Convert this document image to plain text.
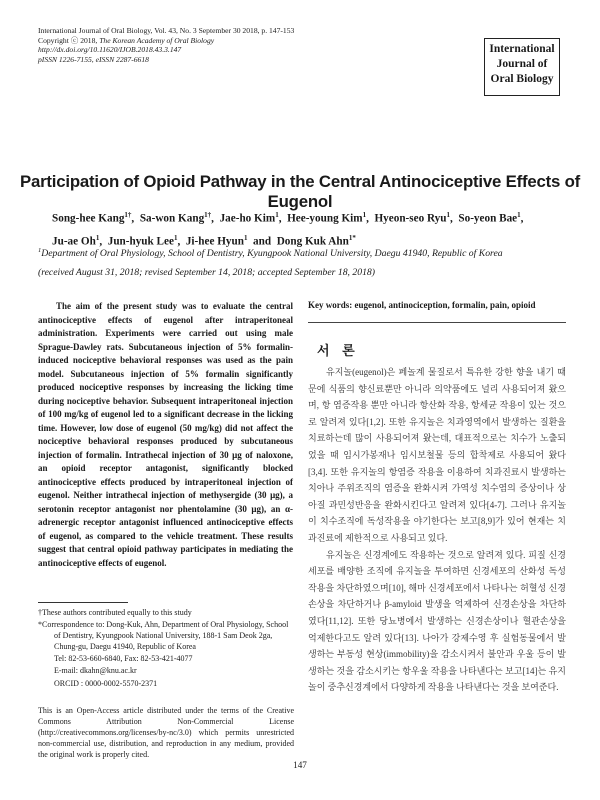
International Journal of Oral Biology, Vol. 43, No. 3 September 30 2018, p. 147-153
Copyright ⓒ 2018, The Korean Academy of Oral Biology
http://dx.doi.org/10.11620/IJOB.2018.43.3.147
pISSN 1226-7155, eISSN 2287-6618
International
Journal of
Oral Biology
Participation of Opioid Pathway in the Central Antinociceptive Effects of Eugenol
Song-hee Kang$^{1\dagger}$,  Sa-won Kang$^{1\dagger}$,  Jae-ho Kim$^1$,  Hee-young Kim$^1$,  Hyeon-seo Ryu$^1$,  So-yeon Bae$^1$,
Ju-ae Oh$^1$,  Jun-hyuk Lee$^1$,  Ji-hee Hyun$^1$ and Dong Kuk Ahn$^{1*}$
$^1$Department of Oral Physiology, School of Dentistry, Kyungpook National University, Daegu 41940, Republic of Korea
(received August 31, 2018; revised September 14, 2018; accepted September 18, 2018)

The aim of the present study was to evaluate the central antinociceptive effects of eugenol after intraperitoneal administration. Experiments were carried out using male Sprague-Dawley rats. Subcutaneous injection of 5% formalin-induced nociceptive behavioral responses was used as the pain model. Subcutaneous injection of 5% formalin significantly produced nociceptive responses by increasing the licking time during nociceptive behavior. Subsequent intraperitoneal injection of 100 mg/kg of eugenol led to a significant decrease in the licking time. However, low dose of eugenol (50 mg/kg) did not affect the nociceptive behavioral responses produced by subcutaneous injection of formalin. Intrathecal injection of 30 μg of naloxone, an opioid receptor antagonist, significantly blocked antinociceptive effects produced by intraperitoneal injection of eugenol. Neither intrathecal injection of methysergide (30 μg), a serotonin receptor antagonist nor phentolamine (30 μg), an α-adrenergic receptor antagonist influenced antinociceptive effects of eugenol, as compared to the vehicle treatment. These results suggest that central opioid pathway participates in mediating the antinociceptive effects of eugenol.

†These authors contributed equally to this study

*Correspondence to: Dong-Kuk, Ahn, Department of Oral Physiology, School of Dentistry, Kyungpook National University, 188-1 Sam Deok 2ga, Chung-gu, Daegu 41940, Republic of Korea

Tel: 82-53-660-6840, Fax: 82-53-421-4077

E-mail: dkahn@knu.ac.kr

ORCID : 0000-0002-5570-2371

This is an Open-Access article distributed under the terms of the Creative Commons Attribution Non-Commercial License (http://creativecommons.org/licenses/by-nc/3.0) which permits unrestricted non-commercial use, distribution, and reproduction in any medium, provided the original work is properly cited.

Key words: eugenol, antinociception, formalin, pain, opioid
서 론

유지놀(eugenol)은 페놀계 물질로서 특유한 강한 향을 내기 때문에 식품의 향신료뿐만 아니라 의약품에도 널리 사용되어져 왔으며, 항 염증작용 뿐만 아니라 항산화 작용, 항세균 작용이 있는 것으로 알려져 있다[1,2]. 또한 유지놀은 치과영역에서 발생하는 질환을 치료하는데 많이 사용되어져 왔는데, 대표적으로는 치수가 노출되었을 때 임시가봉재나 임시보철물 등의 합착제로 사용되어 왔다[3,4]. 또한 유지놀의 항염증 작용을 이용하여 치과진료시 발생하는 치아나 주위조직의 염증을 완화시켜 가역성 치수염의 증상이나 상아질 과민성반응을 완화시킨다고 알려져 있다[4-7]. 그러나 유지놀이 치수조직에 독성작용을 야기한다는 보고[8,9]가 있어 현재는 치과진료에 제한적으로 사용되고 있다.

유지놀은 신경계에도 작용하는 것으로 알려져 있다. 피질 신경세포를 배양한 조직에 유지놀을 투여하면 신경세포의 산화성 독성 작용을 차단하였으며[10], 해마 신경세포에서 나타나는 허혈성 신경손상을 차단하거나 β-amyloid 발생을 억제하여 신경손상을 차단하였다[11,12]. 또한 당뇨병에서 발생하는 신경손상이나 혈관손상을 억제한다고도 알려 있다[13]. 나아가 강제수영 후 실험동물에서 발생하는 부동성 현상(immobility)을 감소시켜서 불안과 우울 등이 발생하는 것을 감소시키는 항우울 작용을 나타낸다는 보고[14]는 유지놀이 중추신경계에서 다양하게 작용을 나타낸다는 것을 보여준다.

147
